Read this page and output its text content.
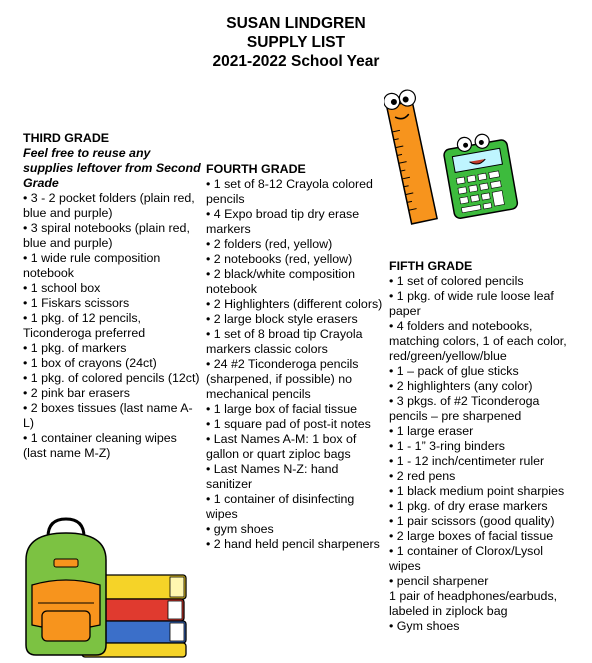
SUSAN LINDGREN
SUPPLY LIST
2021-2022 School Year
THIRD GRADE
Feel free to reuse any supplies leftover from Second Grade
• 3 - 2 pocket folders (plain red, blue and purple)
• 3 spiral notebooks (plain red, blue and purple)
• 1 wide rule composition notebook
• 1 school box
• 1 Fiskars scissors
• 1 pkg. of 12 pencils, Ticonderoga preferred
• 1 pkg. of markers
• 1 box of crayons (24ct)
• 1 pkg. of colored pencils (12ct)
• 2 pink bar erasers
• 2 boxes tissues (last name A-L)
• 1 container cleaning wipes (last name M-Z)
FOURTH GRADE
• 1 set of 8-12 Crayola colored pencils
• 4 Expo broad tip dry erase markers
• 2 folders (red, yellow)
• 2 notebooks (red, yellow)
• 2 black/white composition notebook
• 2 Highlighters (different colors)
• 2 large block style erasers
• 1 set of 8 broad tip Crayola markers classic colors
• 24 #2 Ticonderoga pencils (sharpened, if possible) no mechanical pencils
• 1 large box of facial tissue
• 1 square pad of post-it notes
• Last Names A-M: 1 box of gallon or quart ziploc bags
• Last Names N-Z: hand sanitizer
• 1 container of disinfecting wipes
• gym shoes
• 2 hand held pencil sharpeners
FIFTH GRADE
• 1 set of colored pencils
• 1 pkg. of wide rule loose leaf paper
• 4 folders and notebooks, matching colors, 1 of each color, red/green/yellow/blue
• 1 – pack of glue sticks
• 2 highlighters (any color)
• 3 pkgs. of #2 Ticonderoga pencils – pre sharpened
• 1 large eraser
• 1 - 1” 3-ring binders
• 1 - 12 inch/centimeter ruler
• 2 red pens
• 1 black medium point sharpies
• 1 pkg. of dry erase markers
• 1 pair scissors (good quality)
• 2 large boxes of facial tissue
• 1 container of Clorox/Lysol wipes
• pencil sharpener
1 pair of headphones/earbuds, labeled in ziplock bag
• Gym shoes
